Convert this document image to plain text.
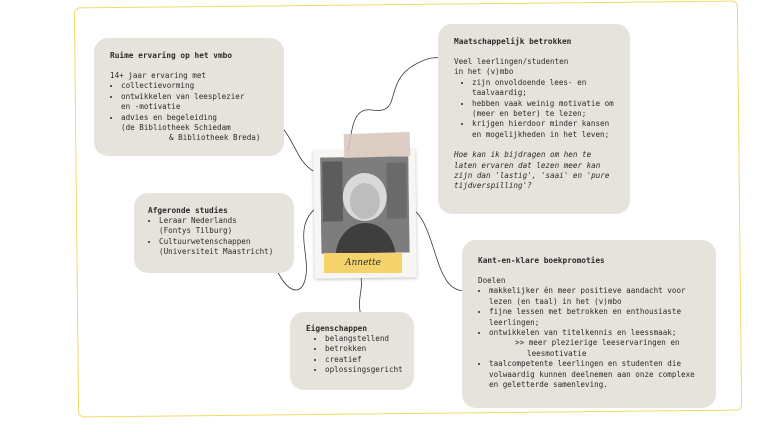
Ruime ervaring op het vmbo

14+ jaar ervaring met

• collectievorming
• ontwikkelen van leesplezier
en -motivatie
• advies en begeleiding
(de Bibliotheek Schiedam
& Bibliotheek Breda)
Afgeronde studies
• Leraar Nederlands
(Fontys Tilburg)
• Cultuurwetenschappen
(Universiteit Maastricht)
Eigenschappen
• belangstellend
• betrokken
• creatief
• oplossingsgericht
Maatschappelijk betrokken

Veel leerlingen/studenten

in het (v)mbo

• zijn onvoldoende lees- en
taalvaardig;
• hebben vaak weinig motivatie om
(meer en beter) te lezen;
• krijgen hierdoor minder kansen
en mogelijkheden in het leven;

Hoe kan ik bijdragen om hen te

laten ervaren dat lezen meer kan

zijn dan 'lastig', 'saai' en 'pure

tijdverspilling'?

Kant-en-klare boekpromoties

Doelen

• makkelijker én meer positieve aandacht voor
lezen (en taal) in het (v)mbo
• fijne lessen met betrokken en enthousiaste
leerlingen;
• ontwikkelen van titelkennis en leessmaak;
>> meer plezierige leeservaringen en
leesmotivatie
• taalcompetente leerlingen en studenten die
volwaardig kunnen deelnemen aan onze complexe
en geletterde samenleving.
Annette
